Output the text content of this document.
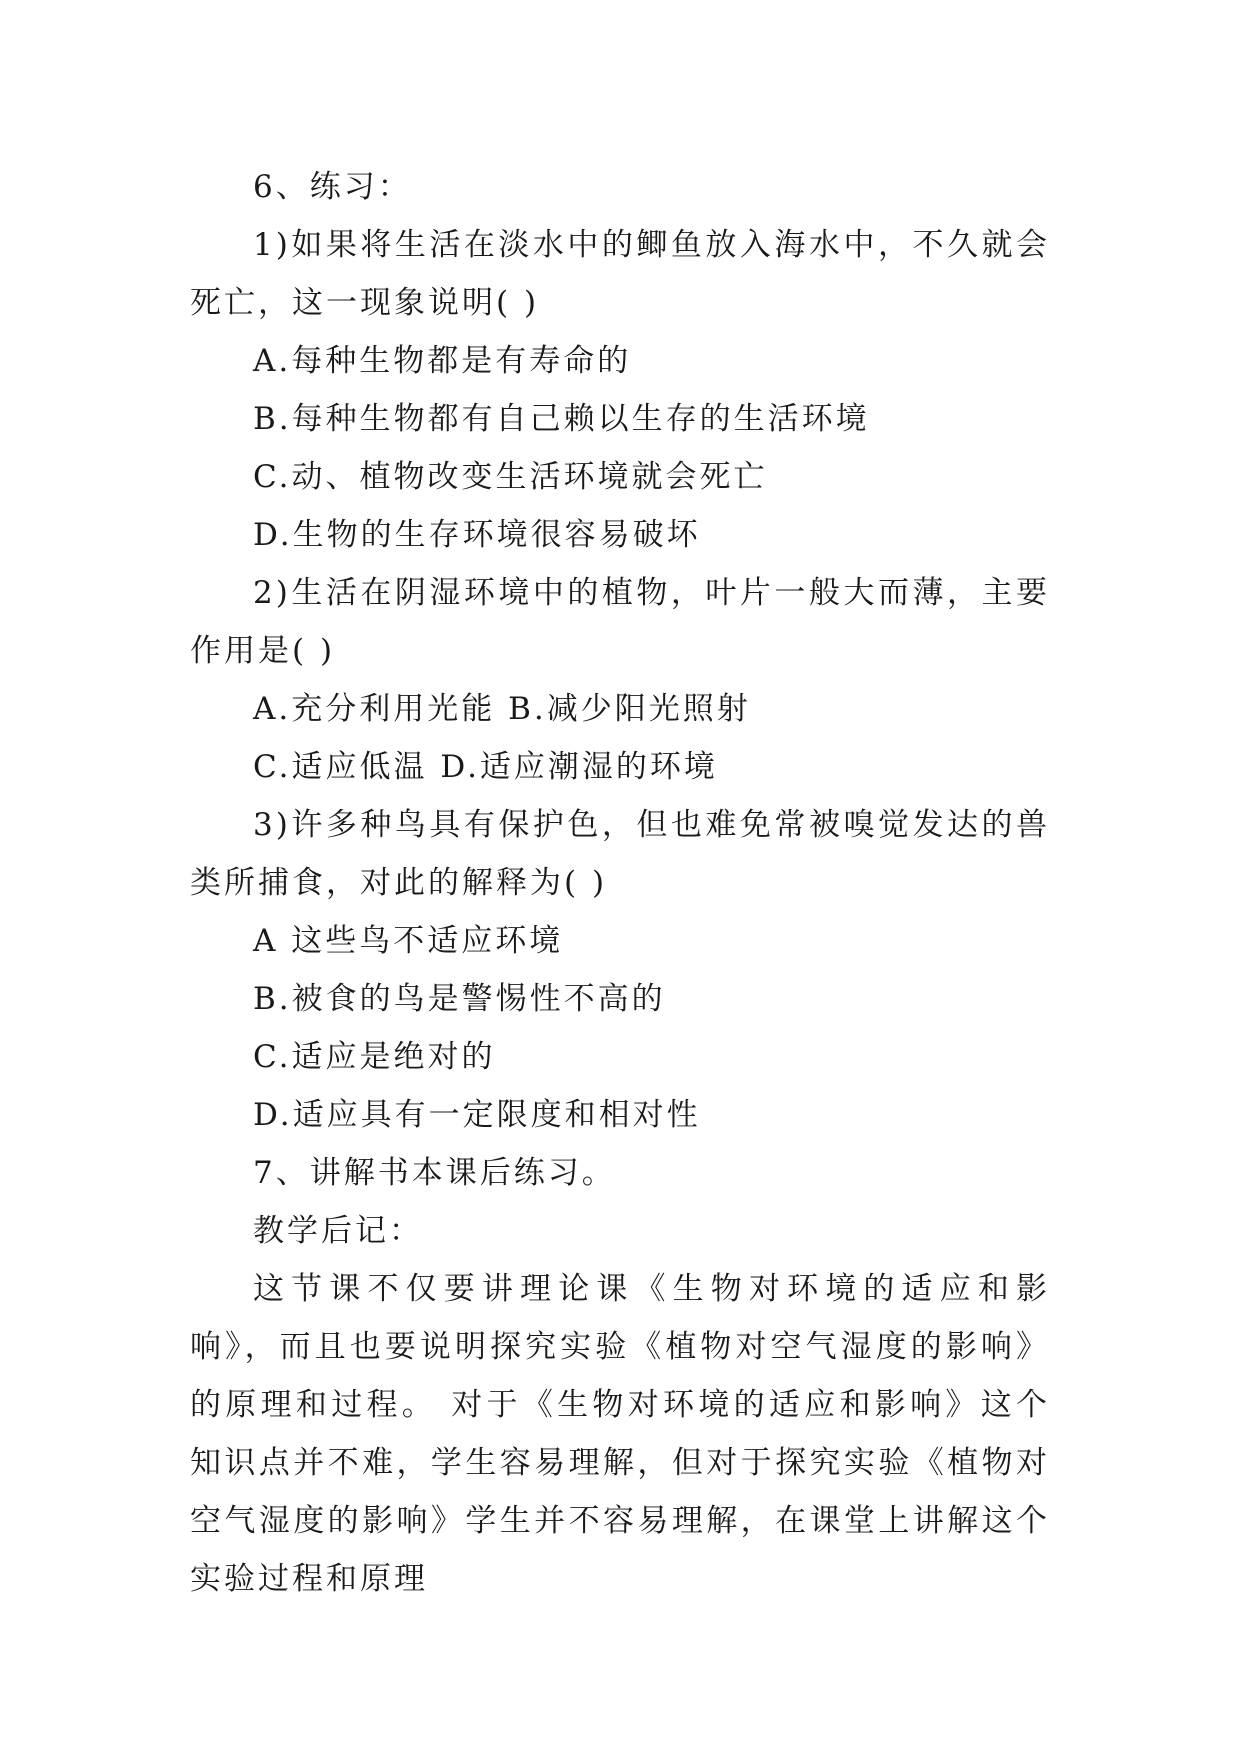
6、练习：

1)如果将生活在淡水中的鲫鱼放入海水中，不久就会死亡，这一现象说明( )

A.每种生物都是有寿命的

B.每种生物都有自己赖以生存的生活环境

C.动、植物改变生活环境就会死亡

D.生物的生存环境很容易破坏

2)生活在阴湿环境中的植物，叶片一般大而薄，主要作用是( )

A.充分利用光能 B.减少阳光照射

C.适应低温 D.适应潮湿的环境

3)许多种鸟具有保护色，但也难免常被嗅觉发达的兽类所捕食，对此的解释为( )

A 这些鸟不适应环境

B.被食的鸟是警惕性不高的

C.适应是绝对的

D.适应具有一定限度和相对性

7、讲解书本课后练习。

教学后记：

这节课不仅要讲理论课《生物对环境的适应和影响》，而且也要说明探究实验《植物对空气湿度的影响》的原理和过程。 对于《生物对环境的适应和影响》这个知识点并不难，学生容易理解，但对于探究实验《植物对空气湿度的影响》学生并不容易理解，在课堂上讲解这个实验过程和原理
